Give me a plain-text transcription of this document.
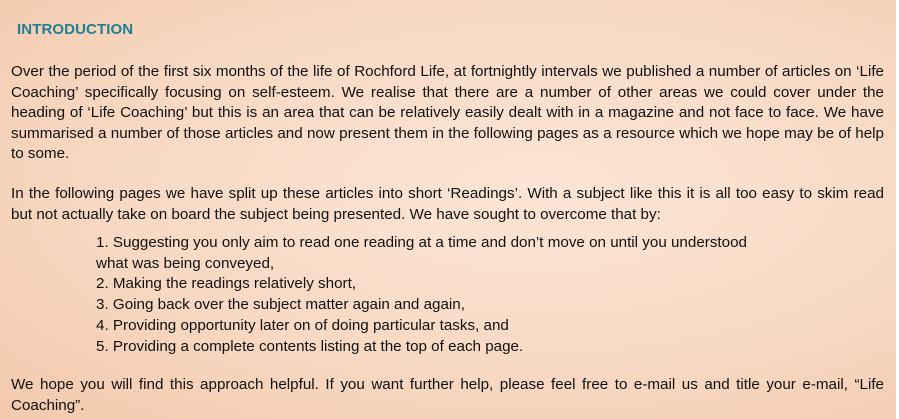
INTRODUCTION
Over the period of the first six months of the life of Rochford Life, at fortnightly intervals we published a number of articles on ‘Life Coaching’ specifically focusing on self-esteem. We realise that there are a number of other areas we could cover under the heading of ‘Life Coaching’ but this is an area that can be relatively easily dealt with in a magazine and not face to face. We have summarised a number of those articles and now present them in the following pages as a resource which we hope may be of help to some.
In the following pages we have split up these articles into short ‘Readings’. With a subject like this it is all too easy to skim read but not actually take on board the subject being presented. We have sought to overcome that by:
1. Suggesting you only aim to read one reading at a time and don’t move on until you understood
what was being conveyed,
2. Making the readings relatively short,
3. Going back over the subject matter again and again,
4. Providing opportunity later on of doing particular tasks, and
5. Providing a complete contents listing at the top of each page.
We hope you will find this approach helpful. If you want further help, please feel free to e-mail us and title your e-mail, “Life Coaching”.
